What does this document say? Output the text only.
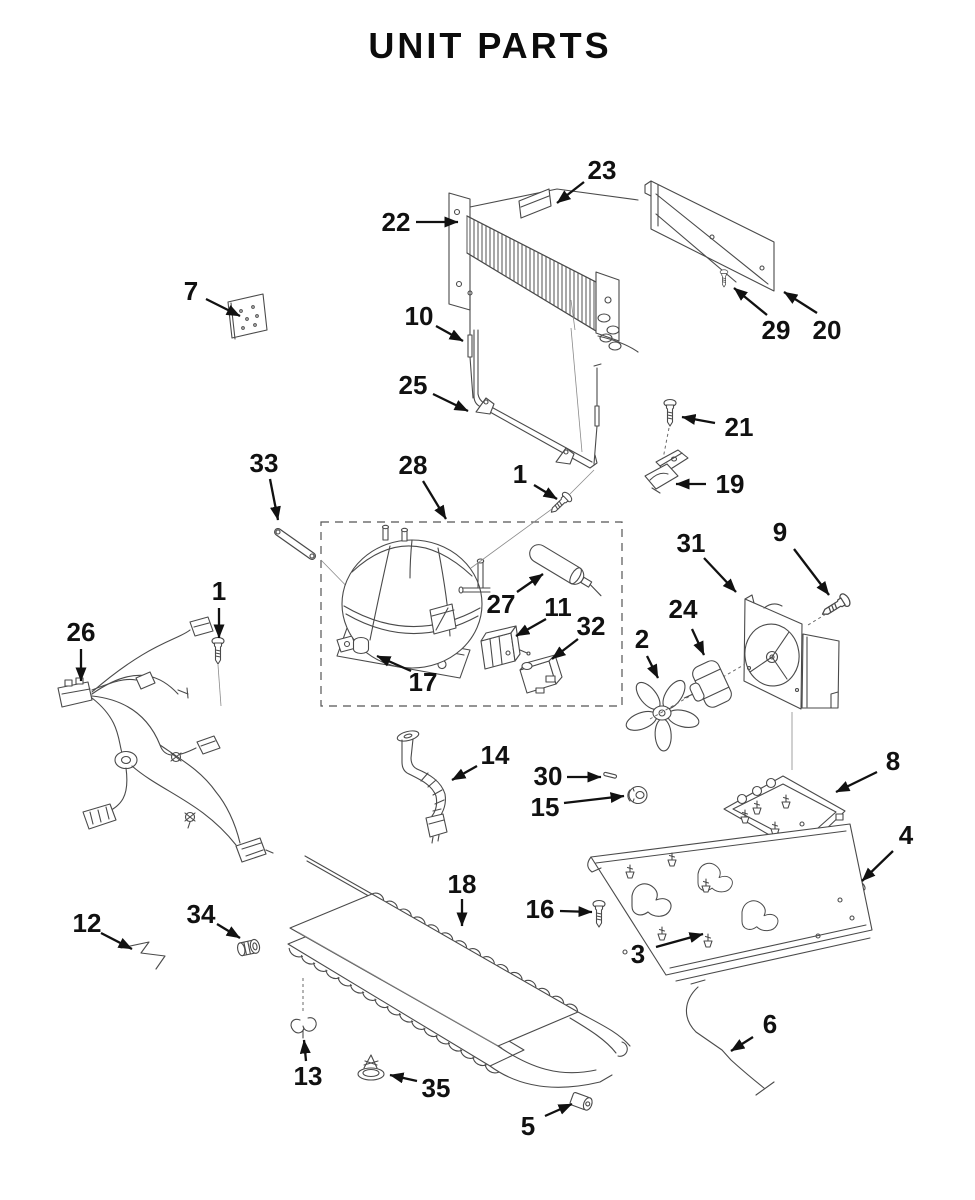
UNIT PARTS
23
22
29 20
7
10
25
21
19
33	28	1
31	9
27 11
32 2
24
26
1
17
14
30
15
8
4
16
3
12	34
18
13	35
5
6
